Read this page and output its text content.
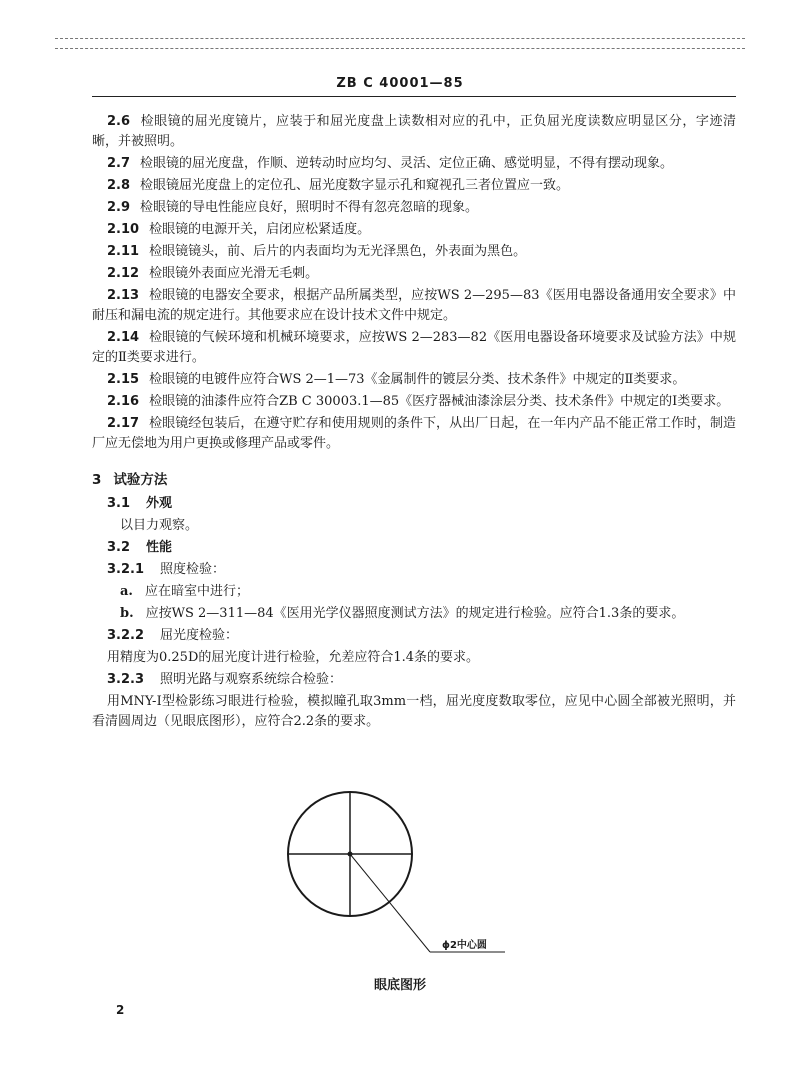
ZB C 40001—85

2.6 检眼镜的屈光度镜片，应装于和屈光度盘上读数相对应的孔中，正负屈光度读数应明显区分，字迹清晰，并被照明。

2.7 检眼镜的屈光度盘，作顺、逆转动时应均匀、灵活、定位正确、感觉明显，不得有摆动现象。

2.8 检眼镜屈光度盘上的定位孔、屈光度数字显示孔和窥视孔三者位置应一致。

2.9 检眼镜的导电性能应良好，照明时不得有忽亮忽暗的现象。

2.10 检眼镜的电源开关，启闭应松紧适度。

2.11 检眼镜镜头，前、后片的内表面均为无光泽黑色，外表面为黑色。

2.12 检眼镜外表面应光滑无毛刺。

2.13 检眼镜的电器安全要求，根据产品所属类型，应按WS 2—295—83《医用电器设备通用安全要求》中耐压和漏电流的规定进行。其他要求应在设计技术文件中规定。

2.14 检眼镜的气候环境和机械环境要求，应按WS 2—283—82《医用电器设备环境要求及试验方法》中规定的Ⅱ类要求进行。

2.15 检眼镜的电镀件应符合WS 2—1—73《金属制件的镀层分类、技术条件》中规定的Ⅱ类要求。

2.16 检眼镜的油漆件应符合ZB C 30003.1—85《医疗器械油漆涂层分类、技术条件》中规定的Ⅰ类要求。

2.17 检眼镜经包装后，在遵守贮存和使用规则的条件下，从出厂日起，在一年内产品不能正常工作时，制造厂应无偿地为用户更换或修理产品或零件。

3 试验方法
3.1 外观
以目力观察。
3.2 性能
3.2.1 照度检验：
a. 应在暗室中进行；
b. 应按WS 2—311—84《医用光学仪器照度测试方法》的规定进行检验。应符合1.3条的要求。
3.2.2 屈光度检验：
用精度为0.25D的屈光度计进行检验，允差应符合1.4条的要求。
3.2.3 照明光路与观察系统综合检验：

用MNY-Ⅰ型检影练习眼进行检验，模拟瞳孔取3mm一档，屈光度度数取零位，应见中心圆全部被光照明，并看清圆周边（见眼底图形），应符合2.2条的要求。

ϕ2中心圆
眼底图形
2
